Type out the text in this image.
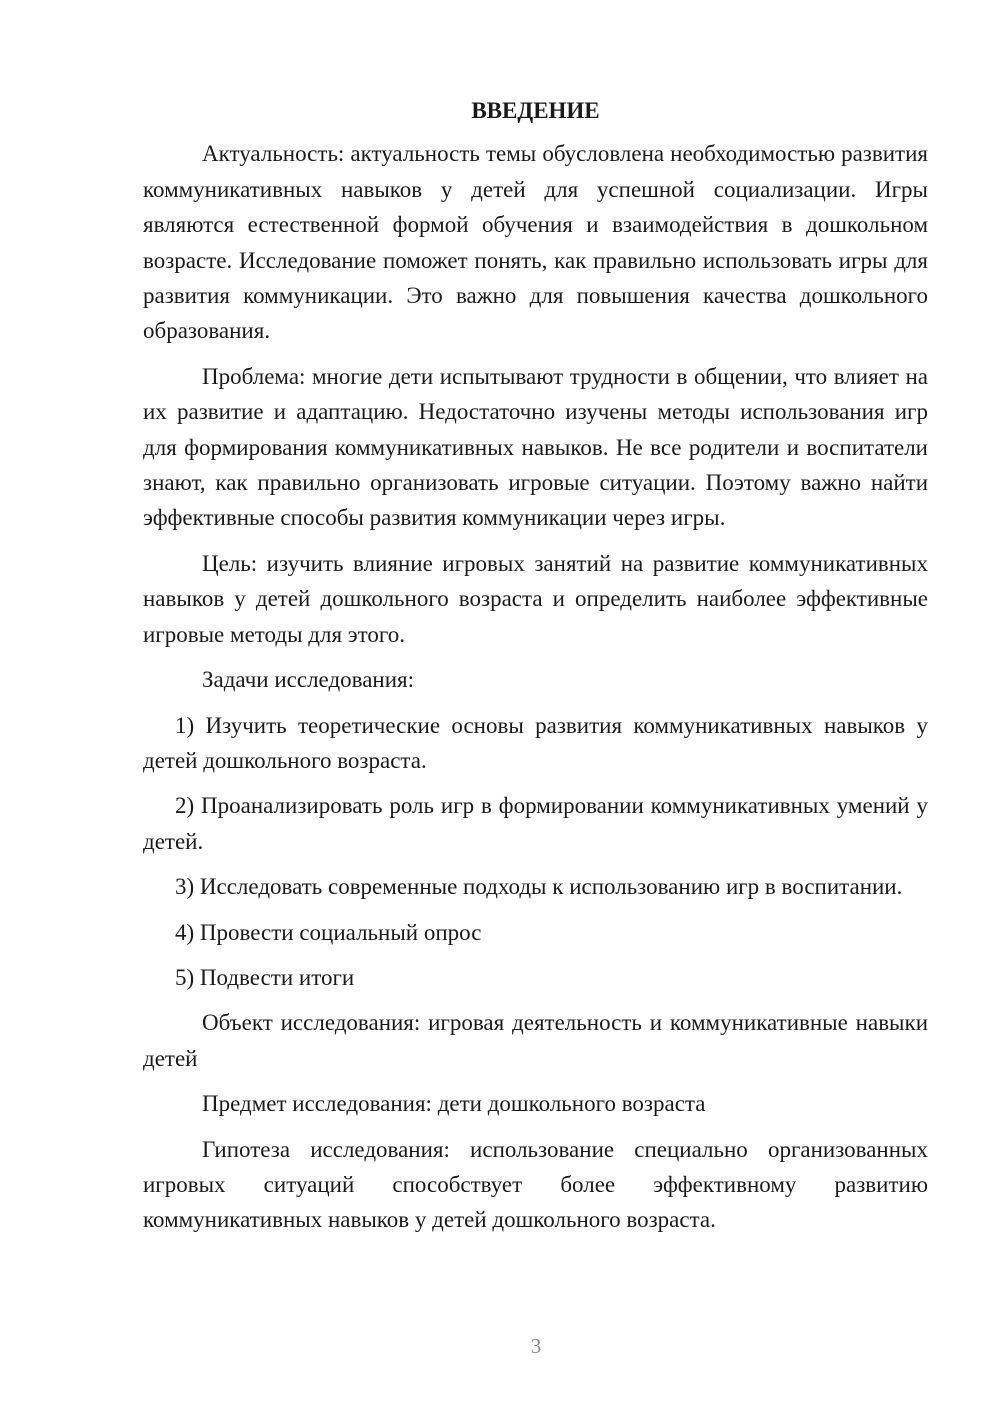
ВВЕДЕНИЕ

Актуальность: актуальность темы обусловлена необходимостью развития коммуникативных навыков у детей для успешной социализации. Игры являются естественной формой обучения и взаимодействия в дошкольном возрасте. Исследование поможет понять, как правильно использовать игры для развития коммуникации. Это важно для повышения качества дошкольного образования.

Проблема: многие дети испытывают трудности в общении, что влияет на их развитие и адаптацию. Недостаточно изучены методы использования игр для формирования коммуникативных навыков. Не все родители и воспитатели знают, как правильно организовать игровые ситуации. Поэтому важно найти эффективные способы развития коммуникации через игры.

Цель: изучить влияние игровых занятий на развитие коммуникативных навыков у детей дошкольного возраста и определить наиболее эффективные игровые методы для этого.

Задачи исследования:

1) Изучить теоретические основы развития коммуникативных навыков у детей дошкольного возраста.

2) Проанализировать роль игр в формировании коммуникативных умений у детей.

3) Исследовать современные подходы к использованию игр в воспитании.

4) Провести социальный опрос

5) Подвести итоги

Объект исследования: игровая деятельность и коммуникативные навыки детей

Предмет исследования: дети дошкольного возраста

Гипотеза исследования: использование специально организованных игровых ситуаций способствует более эффективному развитию коммуникативных навыков у детей дошкольного возраста.

3
